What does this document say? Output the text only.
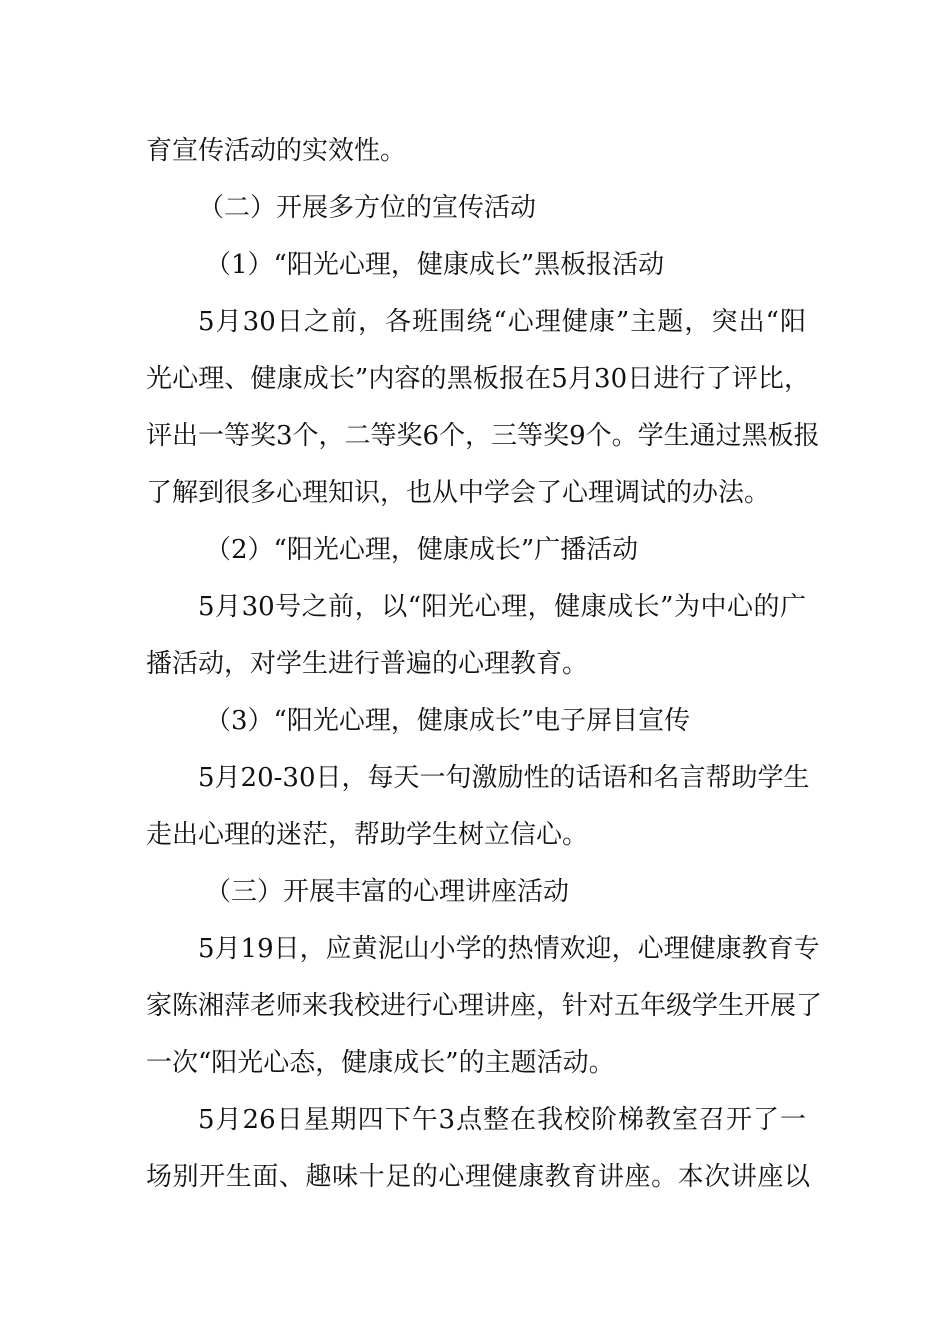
育宣传活动的实效性。
（二）开展多方位的宣传活动
（1）“阳光心理，健康成长”黑板报活动
5月30日之前，各班围绕“心理健康”主题，突出“阳
光心理、健康成长”内容的黑板报在5月30日进行了评比，
评出一等奖3个，二等奖6个，三等奖9个。学生通过黑板报
了解到很多心理知识，也从中学会了心理调试的办法。
（2）“阳光心理，健康成长”广播活动
5月30号之前，以“阳光心理，健康成长”为中心的广
播活动，对学生进行普遍的心理教育。
（3）“阳光心理，健康成长”电子屏目宣传
5月20-30日，每天一句激励性的话语和名言帮助学生
走出心理的迷茫，帮助学生树立信心。
（三）开展丰富的心理讲座活动
5月19日，应黄泥山小学的热情欢迎，心理健康教育专
家陈湘萍老师来我校进行心理讲座，针对五年级学生开展了
一次“阳光心态，健康成长”的主题活动。
5月26日星期四下午3点整在我校阶梯教室召开了一
场别开生面、趣味十足的心理健康教育讲座。本次讲座以
